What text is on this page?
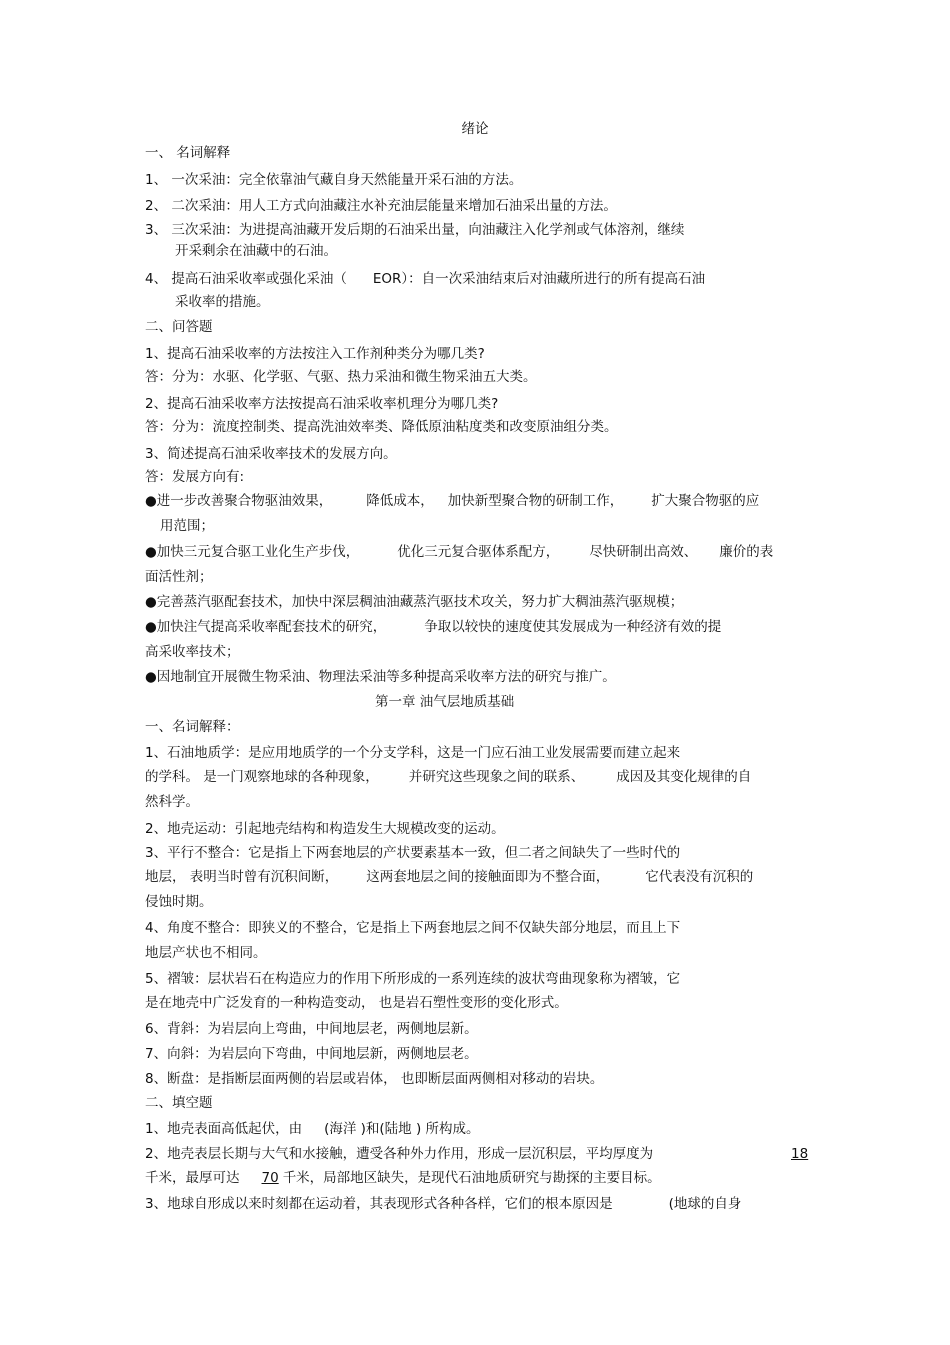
绪论
一、 名词解释
1、 一次采油：完全依靠油气藏自身天然能量开采石油的方法。
2、 二次采油：用人工方式向油藏注水补充油层能量来增加石油采出量的方法。
3、 三次采油：为进提高油藏开发后期的石油采出量，向油藏注入化学剂或气体溶剂，继续
开采剩余在油藏中的石油。
4、 提高石油采收率或强化采油（ EOR）：自一次采油结束后对油藏所进行的所有提高石油
采收率的措施。
二、问答题
1、提高石油采收率的方法按注入工作剂种类分为哪几类?
答：分为：水驱、化学驱、气驱、热力采油和微生物采油五大类。
2、提高石油采收率方法按提高石油采收率机理分为哪几类?
答：分为：流度控制类、提高洗油效率类、降低原油粘度类和改变原油组分类。
3、简述提高石油采收率技术的发展方向。
答：发展方向有:
●进一步改善聚合物驱油效果，	降低成本， 加快新型聚合物的研制工作， 扩大聚合物驱的应
用范围；
●加快三元复合驱工业化生产步伐，	优化三元复合驱体系配方， 尽快研制出高效、 廉价的表
面活性剂；
●完善蒸汽驱配套技术，加快中深层稠油油藏蒸汽驱技术攻关，努力扩大稠油蒸汽驱规模；
●加快注气提高采收率配套技术的研究，	争取以较快的速度使其发展成为一种经济有效的提
高采收率技术；
●因地制宜开展微生物采油、物理法采油等多种提高采收率方法的研究与推广。
第一章 油气层地质基础
一、名词解释：
1、石油地质学：是应用地质学的一个分支学科，这是一门应石油工业发展需要而建立起来
的学科。 是一门观察地球的各种现象， 并研究这些现象之间的联系、 成因及其变化规律的自
然科学。
2、地壳运动：引起地壳结构和构造发生大规模改变的运动。
3、平行不整合：它是指上下两套地层的产状要素基本一致，但二者之间缺失了一些时代的
地层， 表明当时曾有沉积间断， 这两套地层之间的接触面即为不整合面，	它代表没有沉积的
侵蚀时期。
4、角度不整合：即狭义的不整合，它是指上下两套地层之间不仅缺失部分地层，而且上下
地层产状也不相同。
5、褶皱：层状岩石在构造应力的作用下所形成的一系列连续的波状弯曲现象称为褶皱，它
是在地壳中广泛发育的一种构造变动， 也是岩石塑性变形的变化形式。
6、背斜：为岩层向上弯曲，中间地层老，两侧地层新。
7、向斜：为岩层向下弯曲，中间地层新，两侧地层老。
8、断盘：是指断层面两侧的岩层或岩体， 也即断层面两侧相对移动的岩块。
二、填空题
1、地壳表面高低起伏，由 (海洋 )和(陆地 ) 所构成。
2、地壳表层长期与大气和水接触，遭受各种外力作用，形成一层沉积层，平均厚度为	18
千米，最厚可达 70 千米，局部地区缺失，是现代石油地质研究与勘探的主要目标。
3、地球自形成以来时刻都在运动着，其表现形式各种各样，它们的根本原因是	(地球的自身
